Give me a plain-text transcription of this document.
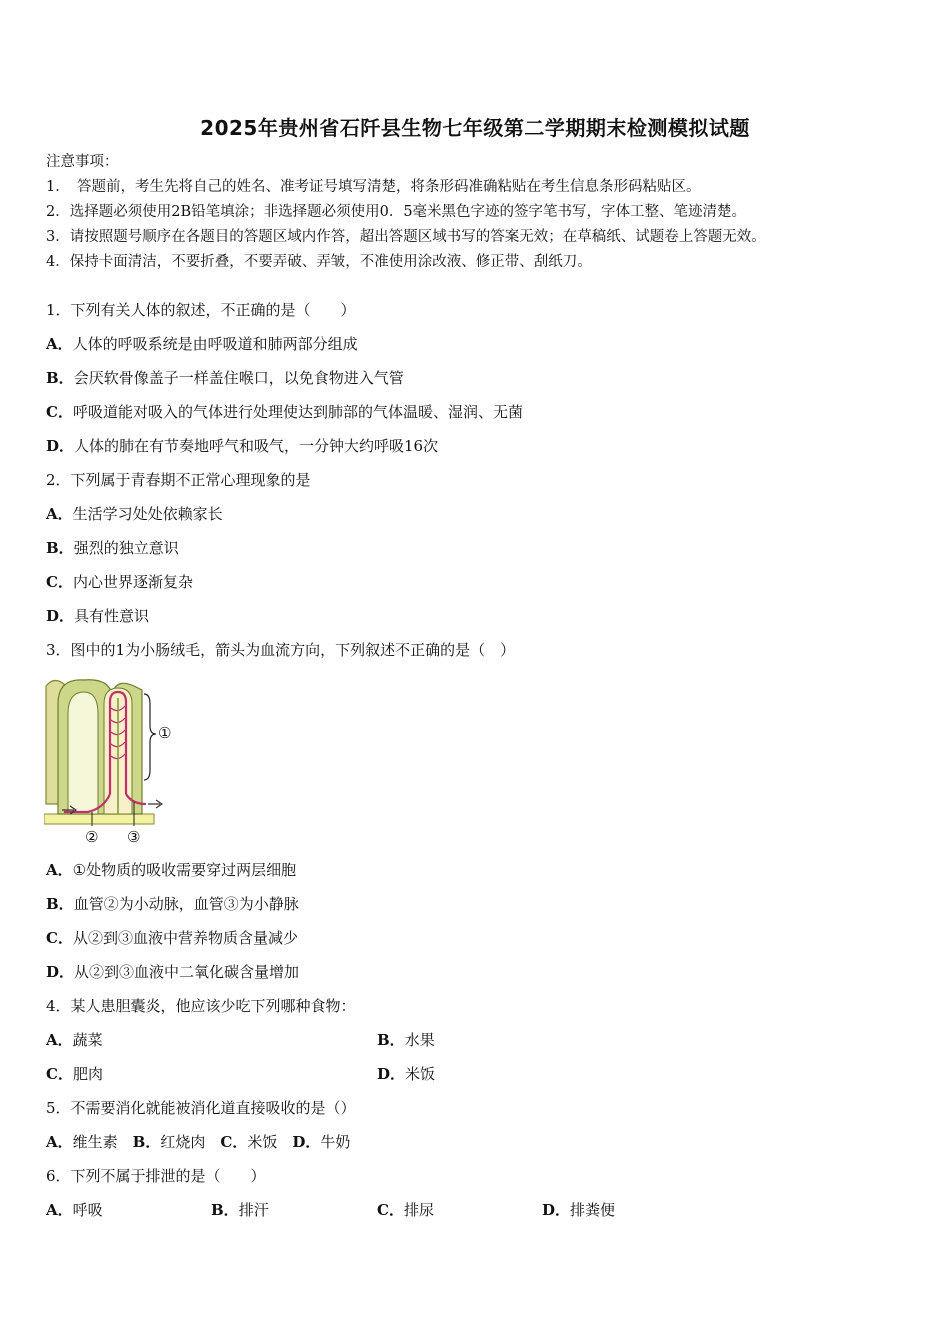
2025年贵州省石阡县生物七年级第二学期期末检测模拟试题
注意事项：
1．　答题前，考生先将自己的姓名、准考证号填写清楚，将条形码准确粘贴在考生信息条形码粘贴区。
2．选择题必须使用2B铅笔填涂；非选择题必须使用0．5毫米黑色字迹的签字笔书写，字体工整、笔迹清楚。
3．请按照题号顺序在各题目的答题区域内作答，超出答题区域书写的答案无效；在草稿纸、试题卷上答题无效。
4．保持卡面清洁，不要折叠，不要弄破、弄皱，不准使用涂改液、修正带、刮纸刀。
1．下列有关人体的叙述，不正确的是（　　）
A．人体的呼吸系统是由呼吸道和肺两部分组成
B．会厌软骨像盖子一样盖住喉口，以免食物进入气管
C．呼吸道能对吸入的气体进行处理使达到肺部的气体温暖、湿润、无菌
D．人体的肺在有节奏地呼气和吸气，一分钟大约呼吸16次
2．下列属于青春期不正常心理现象的是
A．生活学习处处依赖家长
B．强烈的独立意识
C．内心世界逐渐复杂
D．具有性意识
3．图中的1为小肠绒毛，箭头为血流方向，下列叙述不正确的是（　）
①
② ③
A．①处物质的吸收需要穿过两层细胞
B．血管②为小动脉，血管③为小静脉
C．从②到③血液中营养物质含量减少
D．从②到③血液中二氧化碳含量增加
4．某人患胆囊炎，他应该少吃下列哪种食物：
A．蔬菜	B．水果
C．肥肉	D．米饭
5．不需要消化就能被消化道直接吸收的是（）
A．维生素　 B．红烧肉　 C．米饭　 D．牛奶
6．下列不属于排泄的是（　　）
A．呼吸	B．排汗	C．排尿	D．排粪便
